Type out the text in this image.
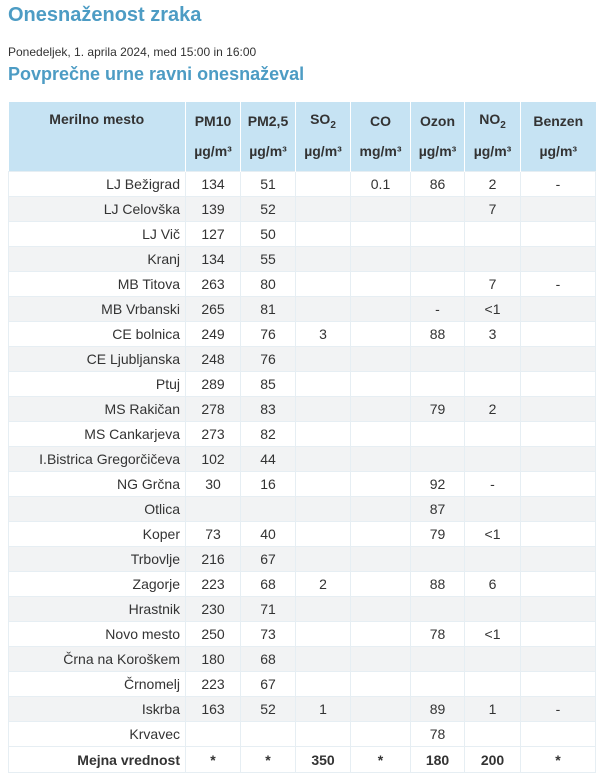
Onesnaženost zraka
Ponedeljek, 1. aprila 2024, med 15:00 in 16:00
Povprečne urne ravni onesnaževal
Merilno mesto	PM10	PM2,5	$SO_2$	CO	Ozon	$NO_2$	Benzen
	µg/m³	µg/m³	µg/m³	mg/m³	µg/m³	µg/m³	µg/m³
LJ Bežigrad	134	51		0.1	86	2	-
LJ Celovška	139	52				7	
LJ Vič	127	50					
Kranj	134	55					
MB Titova	263	80				7	-
MB Vrbanski	265	81			-	<1	
CE bolnica	249	76	3		88	3	
CE Ljubljanska	248	76					
Ptuj	289	85					
MS Rakičan	278	83			79	2	
MS Cankarjeva	273	82					
I.Bistrica Gregorčičeva	102	44					
NG Grčna	30	16			92	-	
Otlica					87		
Koper	73	40			79	<1	
Trbovlje	216	67					
Zagorje	223	68	2		88	6	
Hrastnik	230	71					
Novo mesto	250	73			78	<1	
Črna na Koroškem	180	68					
Črnomelj	223	67					
Iskrba	163	52	1		89	1	-
Krvavec					78		
Mejna vrednost	*	*	350	*	180	200	*
